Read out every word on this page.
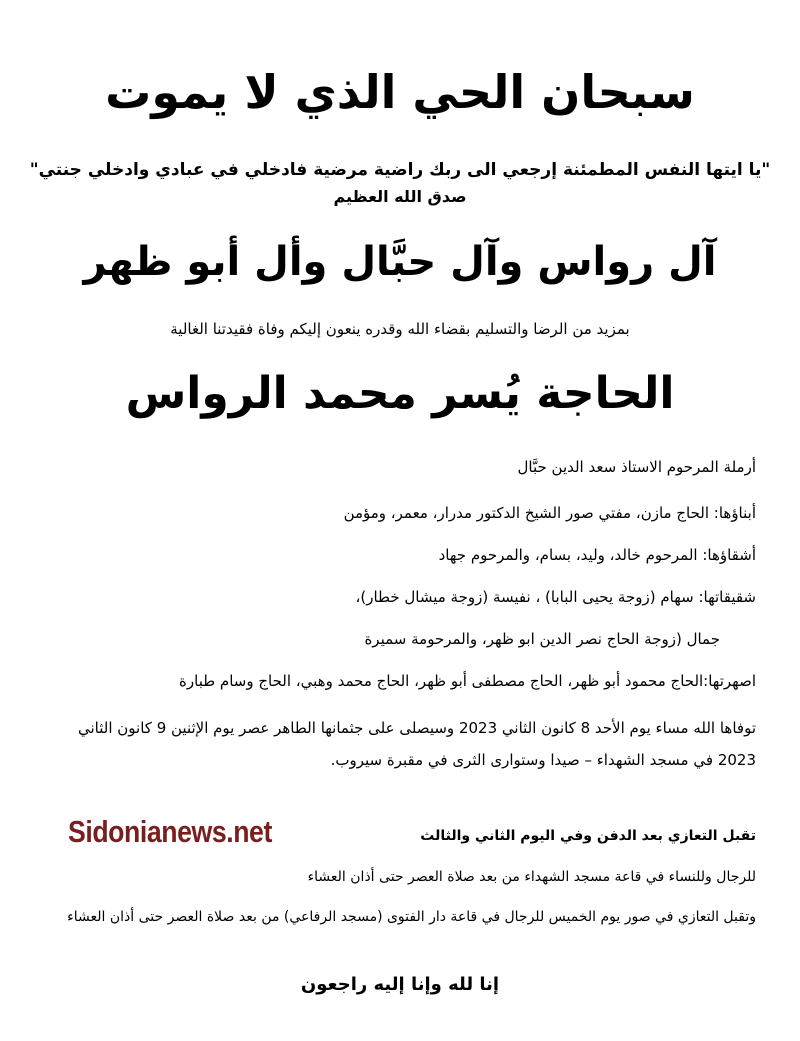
سبحان الحي الذي لا يموت
"يا ايتها النفس المطمئنة إرجعي الى ربك راضية مرضية فادخلي في عبادي وادخلي جنتي"
صدق الله العظيم
آل رواس وآل حبَّال وأل أبو ظهر
بمزيد من الرضا والتسليم بقضاء الله وقدره ينعون إليكم وفاة فقيدتنا الغالية
الحاجة يُسر محمد الرواس
أرملة المرحوم الاستاذ سعد الدين حبَّال
أبناؤها: الحاج مازن، مفتي صور الشيخ الدكتور مدرار، معمر، ومؤمن
أشقاؤها: المرحوم خالد، وليد، بسام، والمرحوم جهاد
شقيقاتها: سهام (زوجة يحيى البابا) ، نفيسة (زوجة ميشال خطار)،
جمال (زوجة الحاج نصر الدين ابو ظهر، والمرحومة سميرة
اصهرتها:الحاج محمود أبو ظهر، الحاج مصطفى أبو ظهر، الحاج محمد وهبي، الحاج وسام طبارة
توفاها الله مساء يوم الأحد 8 كانون الثاني 2023 وسيصلى على جثمانها الطاهر عصر يوم الإثنين 9 كانون الثاني 2023 في مسجد الشهداء – صيدا وستوارى الثرى في مقبرة سيروب.
تقبل التعازي بعد الدفن وفي اليوم الثاني والثالث
للرجال وللنساء في قاعة مسجد الشهداء من بعد صلاة العصر حتى أذان العشاء
وتقبل التعازي في صور يوم الخميس للرجال في قاعة دار الفتوى (مسجد الرفاعي) من بعد صلاة العصر حتى أذان العشاء
إنا لله وإنا إليه راجعون
Sidonianews.net
